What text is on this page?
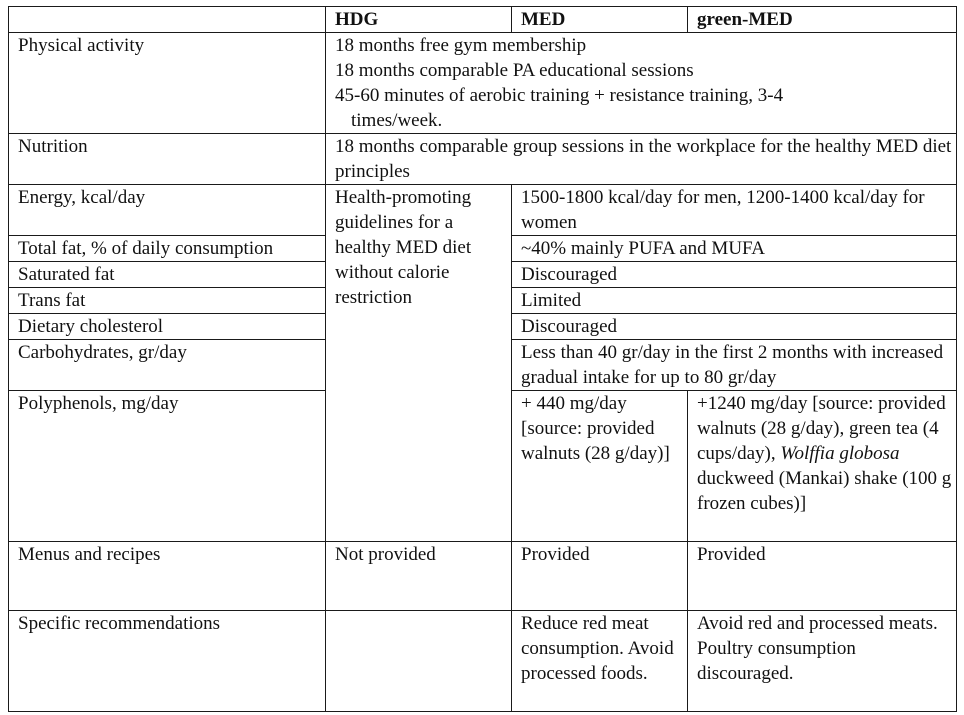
	HDG	MED	green-MED
Physical activity	18 months free gym membership
18 months comparable PA educational sessions
45-60 minutes of aerobic training + resistance training, 3-4
times/week.		

Nutrition	18 months comparable group sessions in the workplace for the healthy MED diet principles		
Energy, kcal/day	Health-promoting guidelines for a healthy MED diet without calorie restriction	1500-1800 kcal/day for men, 1200-1400 kcal/day for women	
Total fat, % of daily consumption		~40% mainly PUFA and MUFA	
Saturated fat		Discouraged	
Trans fat		Limited	
Dietary cholesterol		Discouraged	
Carbohydrates, gr/day		Less than 40 gr/day in the first 2 months with increased gradual intake for up to 80 gr/day	
Polyphenols, mg/day		+ 440 mg/day [source: provided walnuts (28 g/day)]	+1240 mg/day [source: provided walnuts (28 g/day), green tea (4 cups/day), Wolffia globosa duckweed (Mankai) shake (100 g frozen cubes)]
Menus and recipes	Not provided	Provided	Provided
Specific recommendations		Reduce red meat consumption. Avoid processed foods.	Avoid red and processed meats. Poultry consumption discouraged.
